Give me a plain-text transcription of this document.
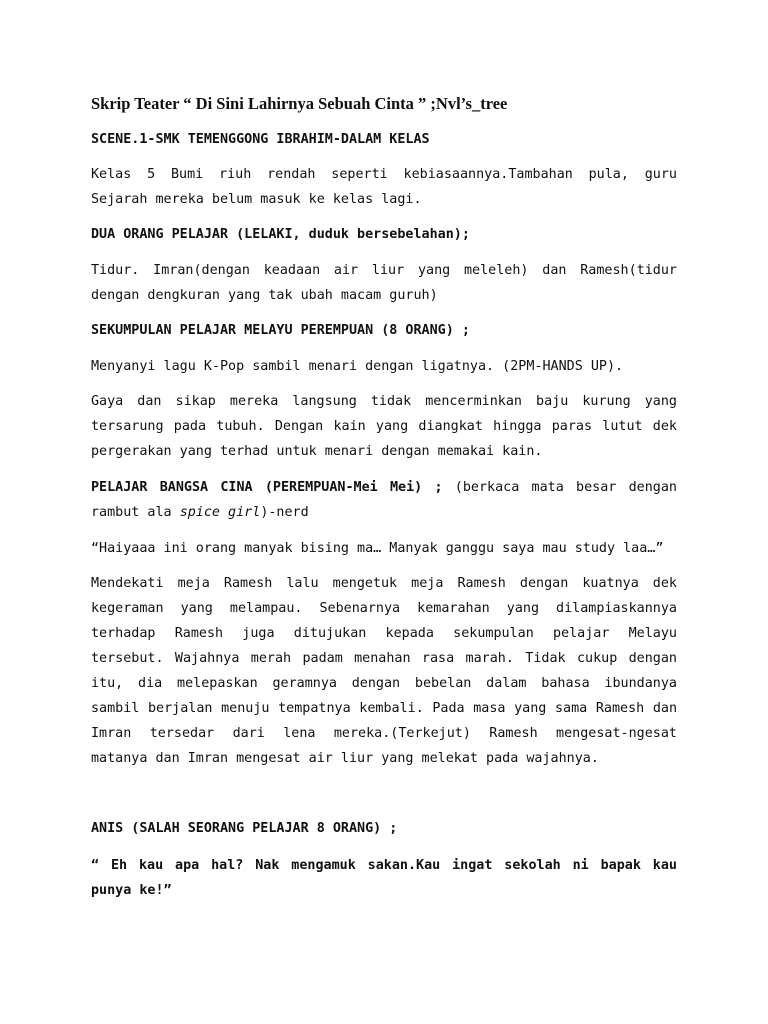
Skrip Teater “ Di Sini Lahirnya Sebuah Cinta ” ;Nvl’s_tree

SCENE.1-SMK TEMENGGONG IBRAHIM-DALAM KELAS

Kelas 5 Bumi riuh rendah seperti kebiasaannya.Tambahan pula, guru Sejarah mereka belum masuk ke kelas lagi.

DUA ORANG PELAJAR (LELAKI, duduk bersebelahan);

Tidur. Imran(dengan keadaan air liur yang meleleh) dan Ramesh(tidur dengan dengkuran yang tak ubah macam guruh)

SEKUMPULAN PELAJAR MELAYU PEREMPUAN (8 ORANG) ;

Menyanyi lagu K-Pop sambil menari dengan ligatnya. (2PM-HANDS UP).

Gaya dan sikap mereka langsung tidak mencerminkan baju kurung yang tersarung pada tubuh. Dengan kain yang diangkat hingga paras lutut dek pergerakan yang terhad untuk menari dengan memakai kain.

PELAJAR BANGSA CINA (PEREMPUAN-Mei Mei) ; (berkaca mata besar dengan rambut ala spice girl)-nerd

“Haiyaaa ini orang manyak bising ma… Manyak ganggu saya mau study laa…”

Mendekati meja Ramesh lalu mengetuk meja Ramesh dengan kuatnya dek kegeraman yang melampau. Sebenarnya kemarahan yang dilampiaskannya terhadap Ramesh juga ditujukan kepada sekumpulan pelajar Melayu tersebut. Wajahnya merah padam menahan rasa marah. Tidak cukup dengan itu, dia melepaskan geramnya dengan bebelan dalam bahasa ibundanya sambil berjalan menuju tempatnya kembali. Pada masa yang sama Ramesh dan Imran tersedar dari lena mereka.(Terkejut) Ramesh mengesat-ngesat matanya dan Imran mengesat air liur yang melekat pada wajahnya.

ANIS (SALAH SEORANG PELAJAR 8 ORANG) ;

“ Eh kau apa hal? Nak mengamuk sakan.Kau ingat sekolah ni bapak kau punya ke!”
